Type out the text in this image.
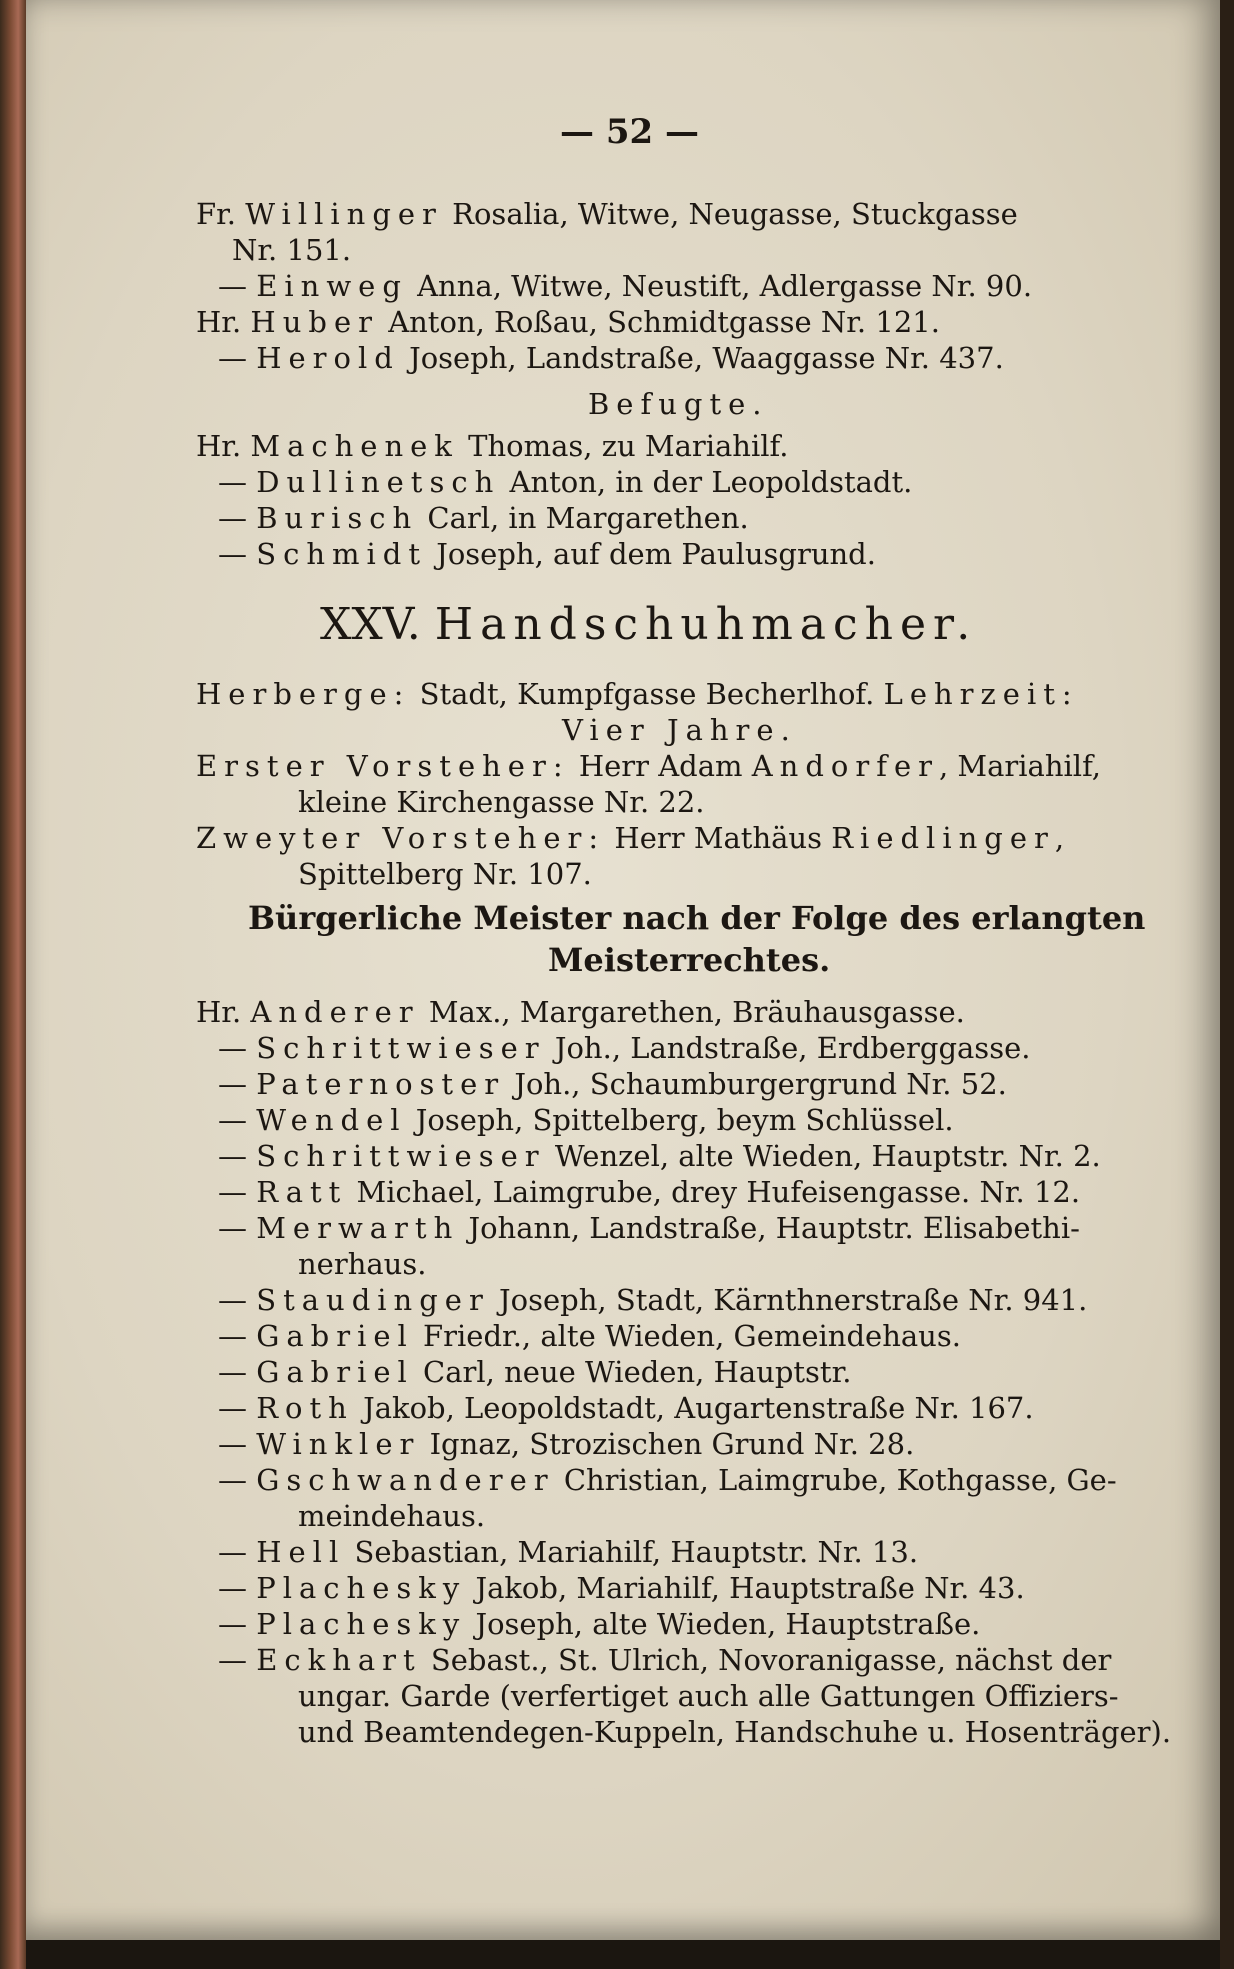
— 52 —

Fr. Willinger Rosalia, Witwe, Neugasse, Stuckgasse

Nr. 151.

— Einweg Anna, Witwe, Neustift, Adlergasse Nr. 90.

Hr. Huber Anton, Roßau, Schmidtgasse Nr. 121.

— Herold Joseph, Landstraße, Waaggasse Nr. 437.

Befugte.

Hr. Machenek Thomas, zu Mariahilf.

— Dullinetsch Anton, in der Leopoldstadt.

— Burisch Carl, in Margarethen.

— Schmidt Joseph, auf dem Paulusgrund.

XXV. Handschuhmacher.

Herberge: Stadt, Kumpfgasse Becherlhof. Lehrzeit:

Vier Jahre.

Erster Vorsteher: Herr Adam Andorfer, Mariahilf,

kleine Kirchengasse Nr. 22.

Zweyter Vorsteher: Herr Mathäus Riedlinger,

Spittelberg Nr. 107.

Bürgerliche Meister nach der Folge des erlangten

Meisterrechtes.

Hr. Anderer Max., Margarethen, Bräuhausgasse.

— Schrittwieser Joh., Landstraße, Erdberggasse.

— Paternoster Joh., Schaumburgergrund Nr. 52.

— Wendel Joseph, Spittelberg, beym Schlüssel.

— Schrittwieser Wenzel, alte Wieden, Hauptstr. Nr. 2.

— Ratt Michael, Laimgrube, drey Hufeisengasse. Nr. 12.

— Merwarth Johann, Landstraße, Hauptstr. Elisabethi-

nerhaus.

— Staudinger Joseph, Stadt, Kärnthnerstraße Nr. 941.

— Gabriel Friedr., alte Wieden, Gemeindehaus.

— Gabriel Carl, neue Wieden, Hauptstr.

— Roth Jakob, Leopoldstadt, Augartenstraße Nr. 167.

— Winkler Ignaz, Strozischen Grund Nr. 28.

— Gschwanderer Christian, Laimgrube, Kothgasse, Ge-

meindehaus.

— Hell Sebastian, Mariahilf, Hauptstr. Nr. 13.

— Plachesky Jakob, Mariahilf, Hauptstraße Nr. 43.

— Plachesky Joseph, alte Wieden, Hauptstraße.

— Eckhart Sebast., St. Ulrich, Novoranigasse, nächst der

ungar. Garde (verfertiget auch alle Gattungen Offiziers-

und Beamtendegen-Kuppeln, Handschuhe u. Hosenträger).
